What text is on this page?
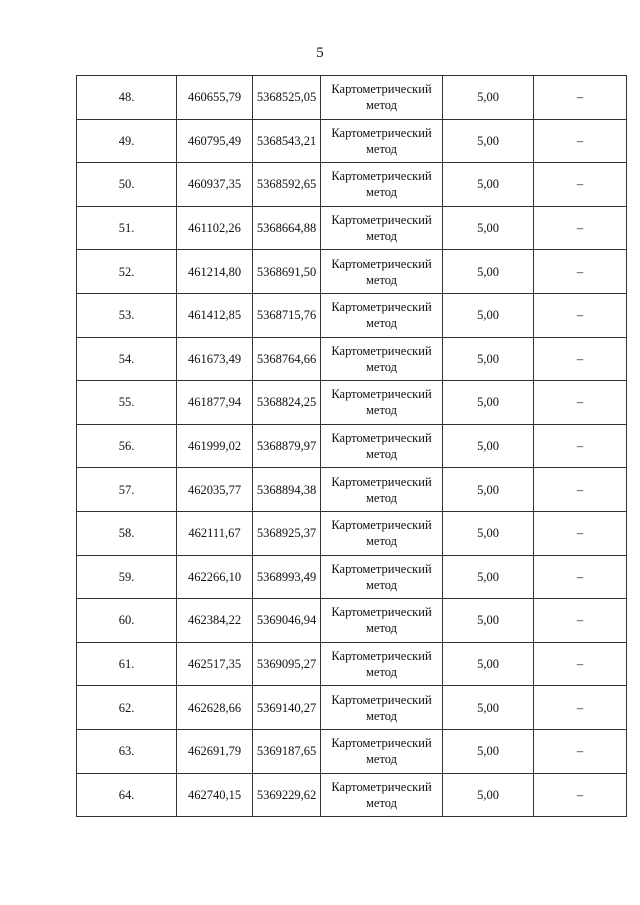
5
48.	460655,79	5368525,05	Картометрический метод	5,00	–
49.	460795,49	5368543,21	Картометрический метод	5,00	–
50.	460937,35	5368592,65	Картометрический метод	5,00	–
51.	461102,26	5368664,88	Картометрический метод	5,00	–
52.	461214,80	5368691,50	Картометрический метод	5,00	–
53.	461412,85	5368715,76	Картометрический метод	5,00	–
54.	461673,49	5368764,66	Картометрический метод	5,00	–
55.	461877,94	5368824,25	Картометрический метод	5,00	–
56.	461999,02	5368879,97	Картометрический метод	5,00	–
57.	462035,77	5368894,38	Картометрический метод	5,00	–
58.	462111,67	5368925,37	Картометрический метод	5,00	–
59.	462266,10	5368993,49	Картометрический метод	5,00	–
60.	462384,22	5369046,94	Картометрический метод	5,00	–
61.	462517,35	5369095,27	Картометрический метод	5,00	–
62.	462628,66	5369140,27	Картометрический метод	5,00	–
63.	462691,79	5369187,65	Картометрический метод	5,00	–
64.	462740,15	5369229,62	Картометрический метод	5,00	–
